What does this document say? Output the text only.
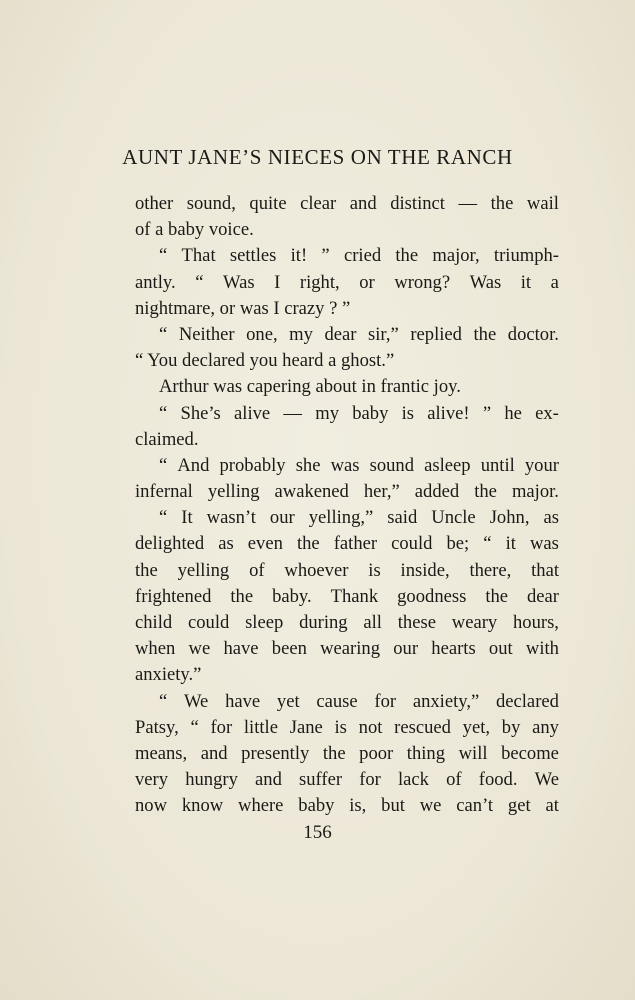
AUNT JANE’S NIECES ON THE RANCH
other sound, quite clear and distinct — the wail
of a baby voice.
“ That settles it! ” cried the major, triumph-
antly. “ Was I right, or wrong? Was it a
nightmare, or was I crazy ? ”
“ Neither one, my dear sir,” replied the doctor.
“ You declared you heard a ghost.”
Arthur was capering about in frantic joy.
“ She’s alive — my baby is alive! ” he ex-
claimed.
“ And probably she was sound asleep until your
infernal yelling awakened her,” added the major.
“ It wasn’t our yelling,” said Uncle John, as
delighted as even the father could be; “ it was
the yelling of whoever is inside, there, that
frightened the baby. Thank goodness the dear
child could sleep during all these weary hours,
when we have been wearing our hearts out with
anxiety.”
“ We have yet cause for anxiety,” declared
Patsy, “ for little Jane is not rescued yet, by any
means, and presently the poor thing will become
very hungry and suffer for lack of food. We
now know where baby is, but we can’t get at
156
